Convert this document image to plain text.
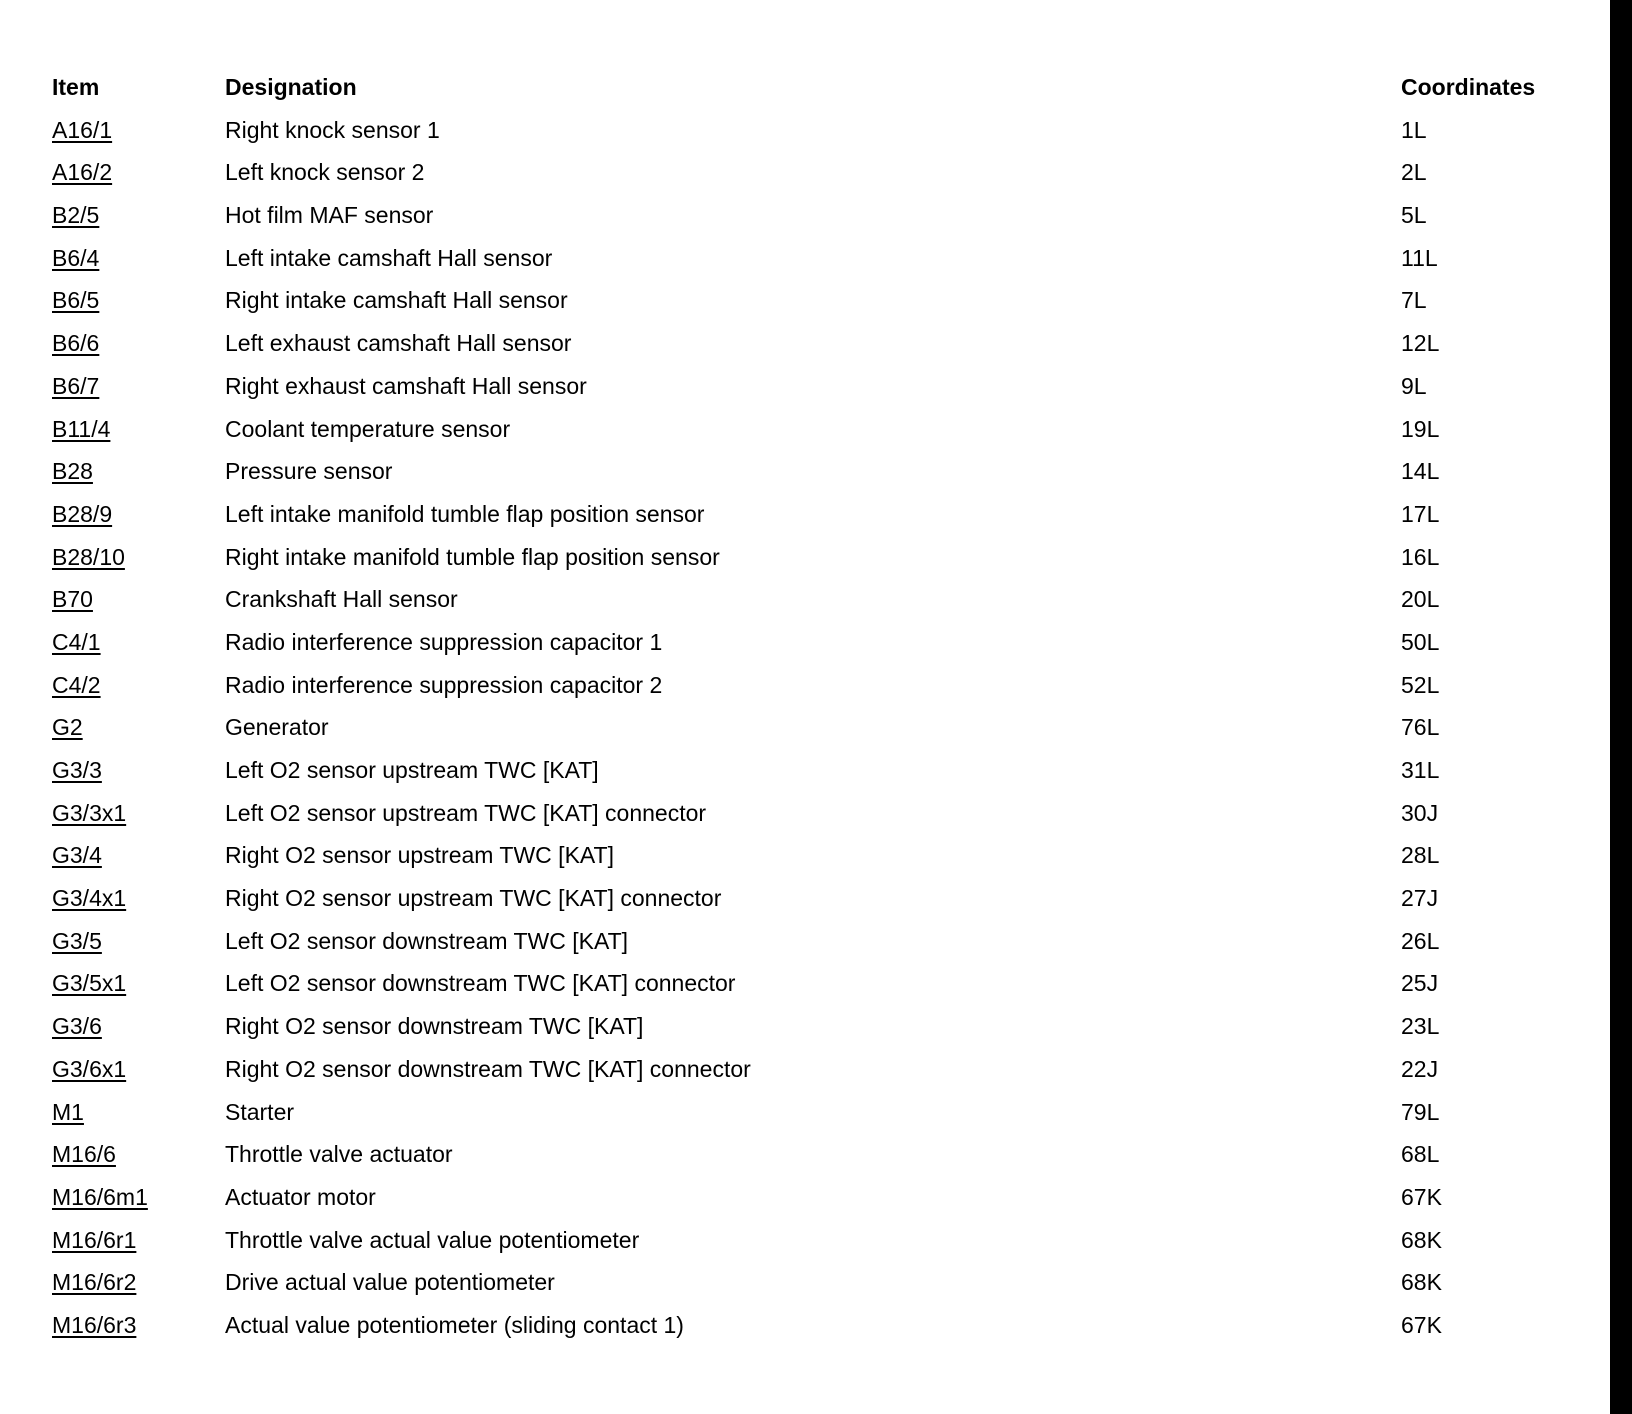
Item	Designation	Coordinates
A16/1	Right knock sensor 1	1L
A16/2	Left knock sensor 2	2L
B2/5	Hot film MAF sensor	5L
B6/4	Left intake camshaft Hall sensor	11L
B6/5	Right intake camshaft Hall sensor	7L
B6/6	Left exhaust camshaft Hall sensor	12L
B6/7	Right exhaust camshaft Hall sensor	9L
B11/4	Coolant temperature sensor	19L
B28	Pressure sensor	14L
B28/9	Left intake manifold tumble flap position sensor	17L
B28/10	Right intake manifold tumble flap position sensor	16L
B70	Crankshaft Hall sensor	20L
C4/1	Radio interference suppression capacitor 1	50L
C4/2	Radio interference suppression capacitor 2	52L
G2	Generator	76L
G3/3	Left O2 sensor upstream TWC [KAT]	31L
G3/3x1	Left O2 sensor upstream TWC [KAT] connector	30J
G3/4	Right O2 sensor upstream TWC [KAT]	28L
G3/4x1	Right O2 sensor upstream TWC [KAT] connector	27J
G3/5	Left O2 sensor downstream TWC [KAT]	26L
G3/5x1	Left O2 sensor downstream TWC [KAT] connector	25J
G3/6	Right O2 sensor downstream TWC [KAT]	23L
G3/6x1	Right O2 sensor downstream TWC [KAT] connector	22J
M1	Starter	79L
M16/6	Throttle valve actuator	68L
M16/6m1	Actuator motor	67K
M16/6r1	Throttle valve actual value potentiometer	68K
M16/6r2	Drive actual value potentiometer	68K
M16/6r3	Actual value potentiometer (sliding contact 1)	67K
